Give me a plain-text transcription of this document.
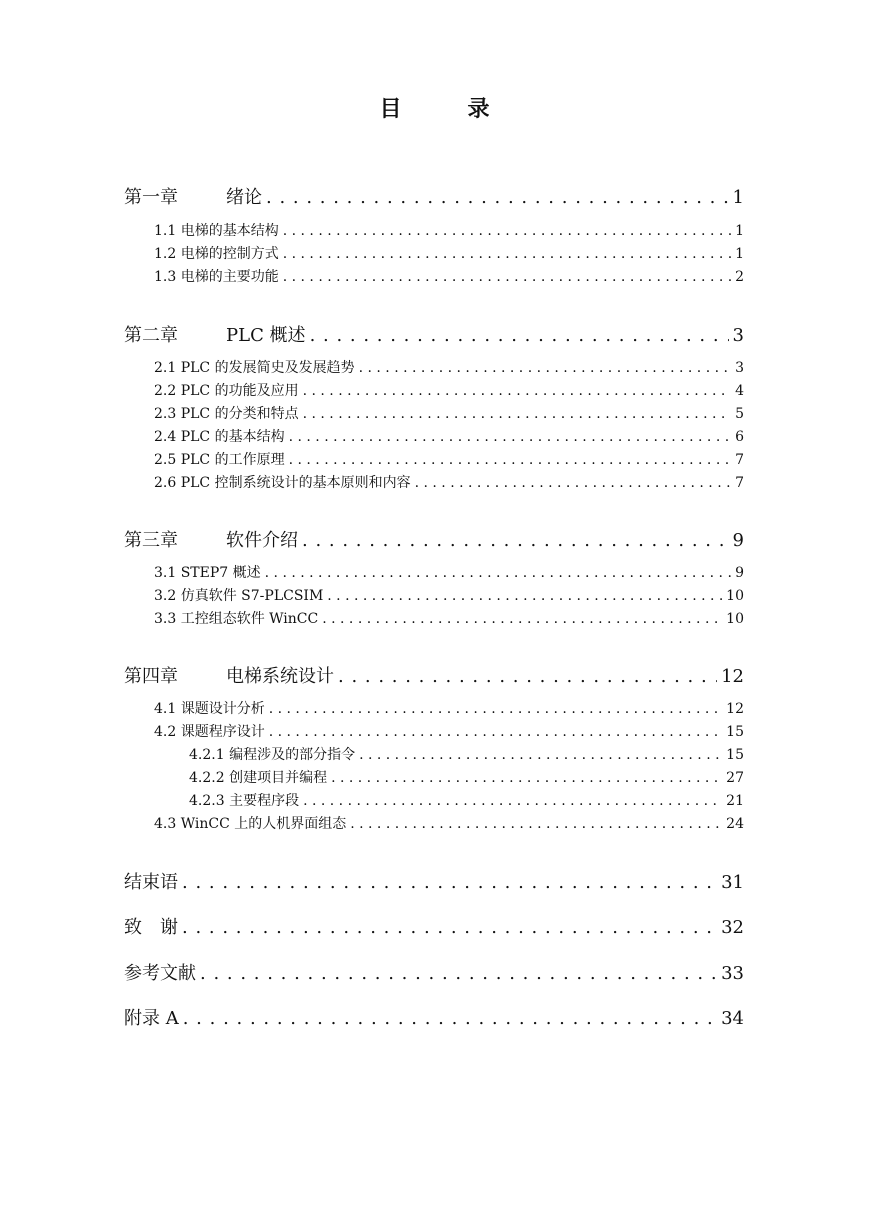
目　录
第一章	绪论 . . .	1
1.1 电梯的基本结构 . . .	1
1.2 电梯的控制方式 . . .	1
1.3 电梯的主要功能 . . .	2
第二章	PLC 概述 . . .	3
2.1 PLC 的发展简史及发展趋势 . . .	3
2.2 PLC 的功能及应用 . . .	4
2.3 PLC 的分类和特点 . . .	5
2.4 PLC 的基本结构 . . .	6
2.5 PLC 的工作原理 . . .	7
2.6 PLC 控制系统设计的基本原则和内容 . . .	7
第三章	软件介绍 . . .	9
3.1 STEP7 概述 . . .	9
3.2 仿真软件 S7-PLCSIM . . .	10
3.3 工控组态软件 WinCC . . .	10
第四章	电梯系统设计 . . .	12
4.1 课题设计分析 . . .	12
4.2 课题程序设计 . . .	15
4.2.1 编程涉及的部分指令 . . .	15
4.2.2 创建项目并编程 . . .	27
4.2.3 主要程序段 . . .	21
4.3 WinCC 上的人机界面组态 . . .	24
结束语 . . .	31
致　谢 . . .	32
参考文献 . . .	33
附录 A . . .	34
